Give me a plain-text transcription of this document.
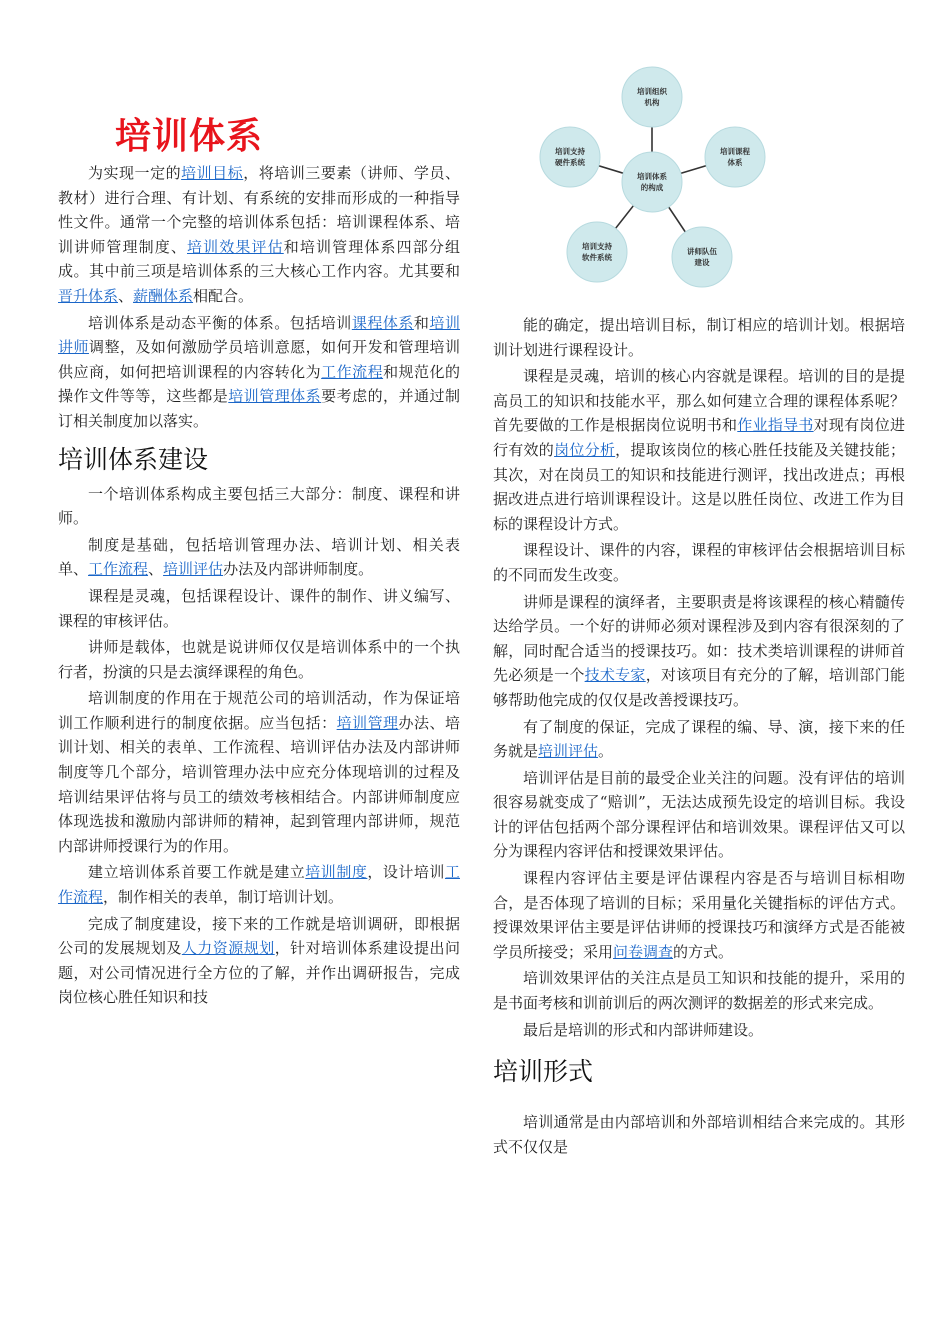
培训体系
培训体系
的构成
培训组织
机构
培训课程
体系
讲师队伍
建设
培训支持
软件系统
培训支持
硬件系统

为实现一定的培训目标，将培训三要素（讲师、学员、教材）进行合理、有计划、有系统的安排而形成的一种指导性文件。通常一个完整的培训体系包括：培训课程体系、培训讲师管理制度、培训效果评估和培训管理体系四部分组成。其中前三项是培训体系的三大核心工作内容。尤其要和晋升体系、薪酬体系相配合。

培训体系是动态平衡的体系。包括培训课程体系和培训讲师调整，及如何激励学员培训意愿，如何开发和管理培训供应商，如何把培训课程的内容转化为工作流程和规范化的操作文件等等，这些都是培训管理体系要考虑的，并通过制订相关制度加以落实。

培训体系建设

一个培训体系构成主要包括三大部分：制度、课程和讲师。

制度是基础，包括培训管理办法、培训计划、相关表单、工作流程、培训评估办法及内部讲师制度。

课程是灵魂，包括课程设计、课件的制作、讲义编写、课程的审核评估。

讲师是载体，也就是说讲师仅仅是培训体系中的一个执行者，扮演的只是去演绎课程的角色。

培训制度的作用在于规范公司的培训活动，作为保证培训工作顺利进行的制度依据。应当包括：培训管理办法、培训计划、相关的表单、工作流程、培训评估办法及内部讲师制度等几个部分，培训管理办法中应充分体现培训的过程及培训结果评估将与员工的绩效考核相结合。内部讲师制度应体现选拔和激励内部讲师的精神，起到管理内部讲师，规范内部讲师授课行为的作用。

建立培训体系首要工作就是建立培训制度，设计培训工作流程，制作相关的表单，制订培训计划。

完成了制度建设，接下来的工作就是培训调研，即根据公司的发展规划及人力资源规划，针对培训体系建设提出问题，对公司情况进行全方位的了解，并作出调研报告，完成岗位核心胜任知识和技

能的确定，提出培训目标，制订相应的培训计划。根据培训计划进行课程设计。

课程是灵魂，培训的核心内容就是课程。培训的目的是提高员工的知识和技能水平，那么如何建立合理的课程体系呢？首先要做的工作是根据岗位说明书和作业指导书对现有岗位进行有效的岗位分析，提取该岗位的核心胜任技能及关键技能；其次，对在岗员工的知识和技能进行测评，找出改进点；再根据改进点进行培训课程设计。这是以胜任岗位、改进工作为目标的课程设计方式。

课程设计、课件的内容，课程的审核评估会根据培训目标的不同而发生改变。

讲师是课程的演绎者，主要职责是将该课程的核心精髓传达给学员。一个好的讲师必须对课程涉及到内容有很深刻的了解，同时配合适当的授课技巧。如：技术类培训课程的讲师首先必须是一个技术专家，对该项目有充分的了解，培训部门能够帮助他完成的仅仅是改善授课技巧。

有了制度的保证，完成了课程的编、导、演，接下来的任务就是培训评估。

培训评估是目前的最受企业关注的问题。没有评估的培训很容易就变成了“赔训”，无法达成预先设定的培训目标。我设计的评估包括两个部分课程评估和培训效果。课程评估又可以分为课程内容评估和授课效果评估。

课程内容评估主要是评估课程内容是否与培训目标相吻合，是否体现了培训的目标；采用量化关键指标的评估方式。授课效果评估主要是评估讲师的授课技巧和演绎方式是否能被学员所接受；采用问卷调查的方式。

培训效果评估的关注点是员工知识和技能的提升，采用的是书面考核和训前训后的两次测评的数据差的形式来完成。

最后是培训的形式和内部讲师建设。

培训形式

培训通常是由内部培训和外部培训相结合来完成的。其形式不仅仅是
